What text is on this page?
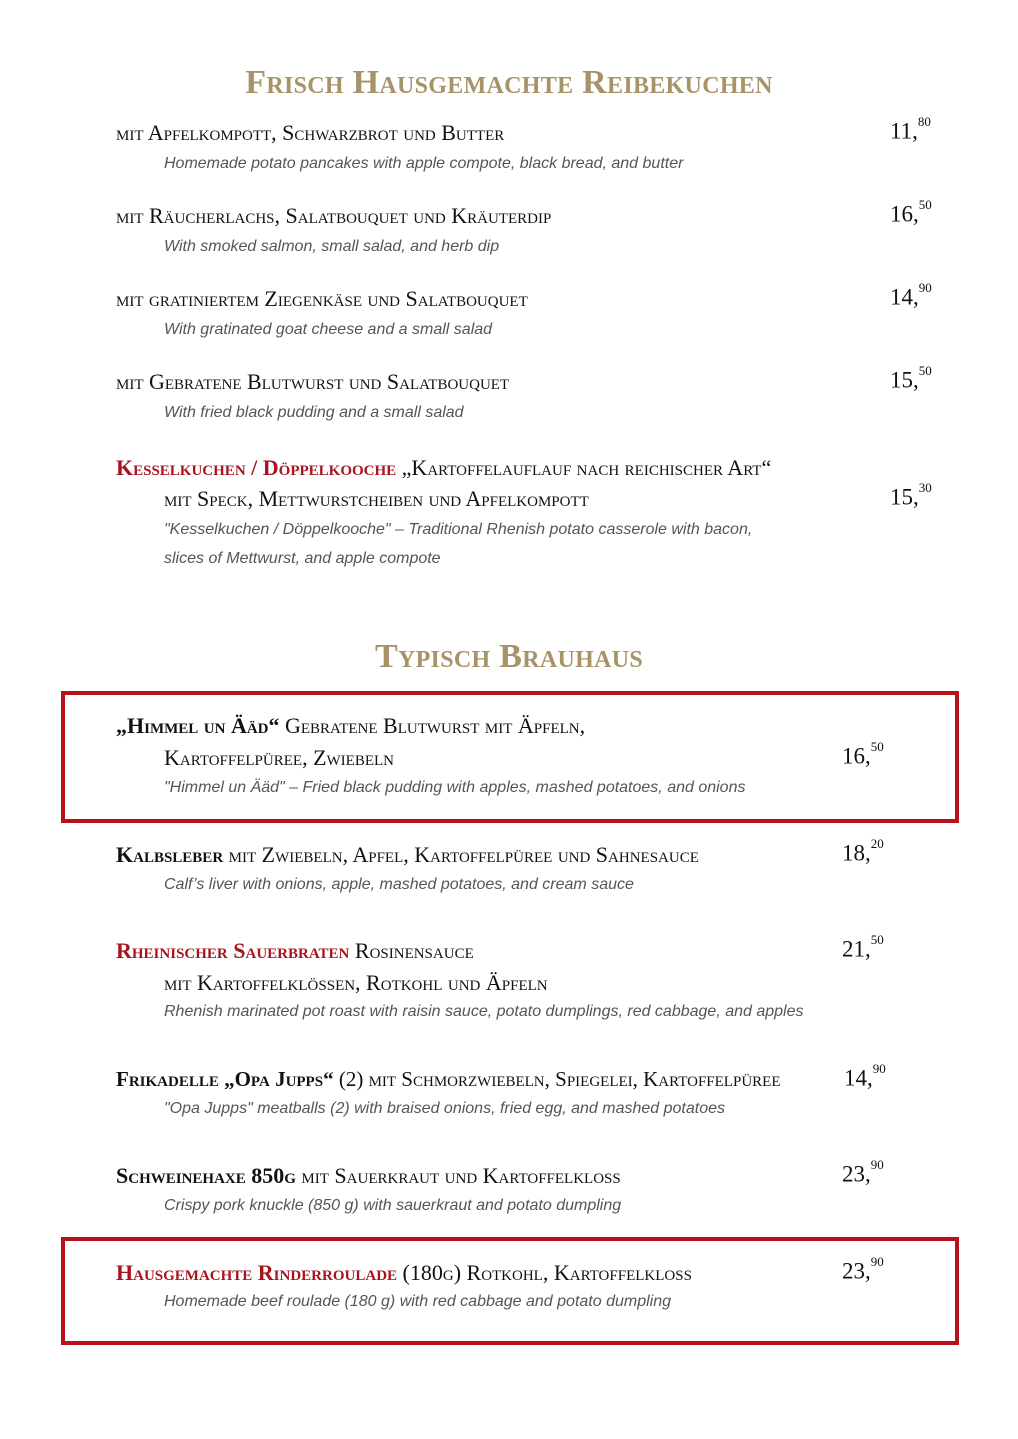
Frisch Hausgemachte Reibekuchen
mit Apfelkompott, Schwarzbrot und Butter	11,80
Homemade potato pancakes with apple compote, black bread, and butter
mit Räucherlachs, Salatbouquet und Kräuterdip	16,50
With smoked salmon, small salad, and herb dip
mit gratiniertem Ziegenkäse und Salatbouquet	14,90
With gratinated goat cheese and a small salad
mit Gebratene Blutwurst und Salatbouquet	15,50
With fried black pudding and a small salad
Kesselkuchen / Döppelkooche „Kartoffelauflauf nach reichischer Art“
mit Speck, Mettwurstcheiben und Apfelkompott	15,30
"Kesselkuchen / Döppelkooche" – Traditional Rhenish potato casserole with bacon,
slices of Mettwurst, and apple compote
Typisch Brauhaus
„Himmel un Ääd“ Gebratene Blutwurst mit Äpfeln,
Kartoffelpüree, Zwiebeln	16,50
"Himmel un Ääd" – Fried black pudding with apples, mashed potatoes, and onions
Kalbsleber mit Zwiebeln, Apfel, Kartoffelpüree und Sahnesauce	18,20
Calf’s liver with onions, apple, mashed potatoes, and cream sauce
Rheinischer Sauerbraten Rosinensauce	21,50
mit Kartoffelklößen, Rotkohl und Äpfeln
Rhenish marinated pot roast with raisin sauce, potato dumplings, red cabbage, and apples
Frikadelle „Opa Jupps“ (2) mit Schmorzwiebeln, Spiegelei, Kartoffelpüree	14,90
"Opa Jupps" meatballs (2) with braised onions, fried egg, and mashed potatoes
Schweinehaxe 850g mit Sauerkraut und Kartoffelkloß	23,90
Crispy pork knuckle (850 g) with sauerkraut and potato dumpling
Hausgemachte Rinderroulade (180g) Rotkohl, Kartoffelkloß	23,90
Homemade beef roulade (180 g) with red cabbage and potato dumpling
